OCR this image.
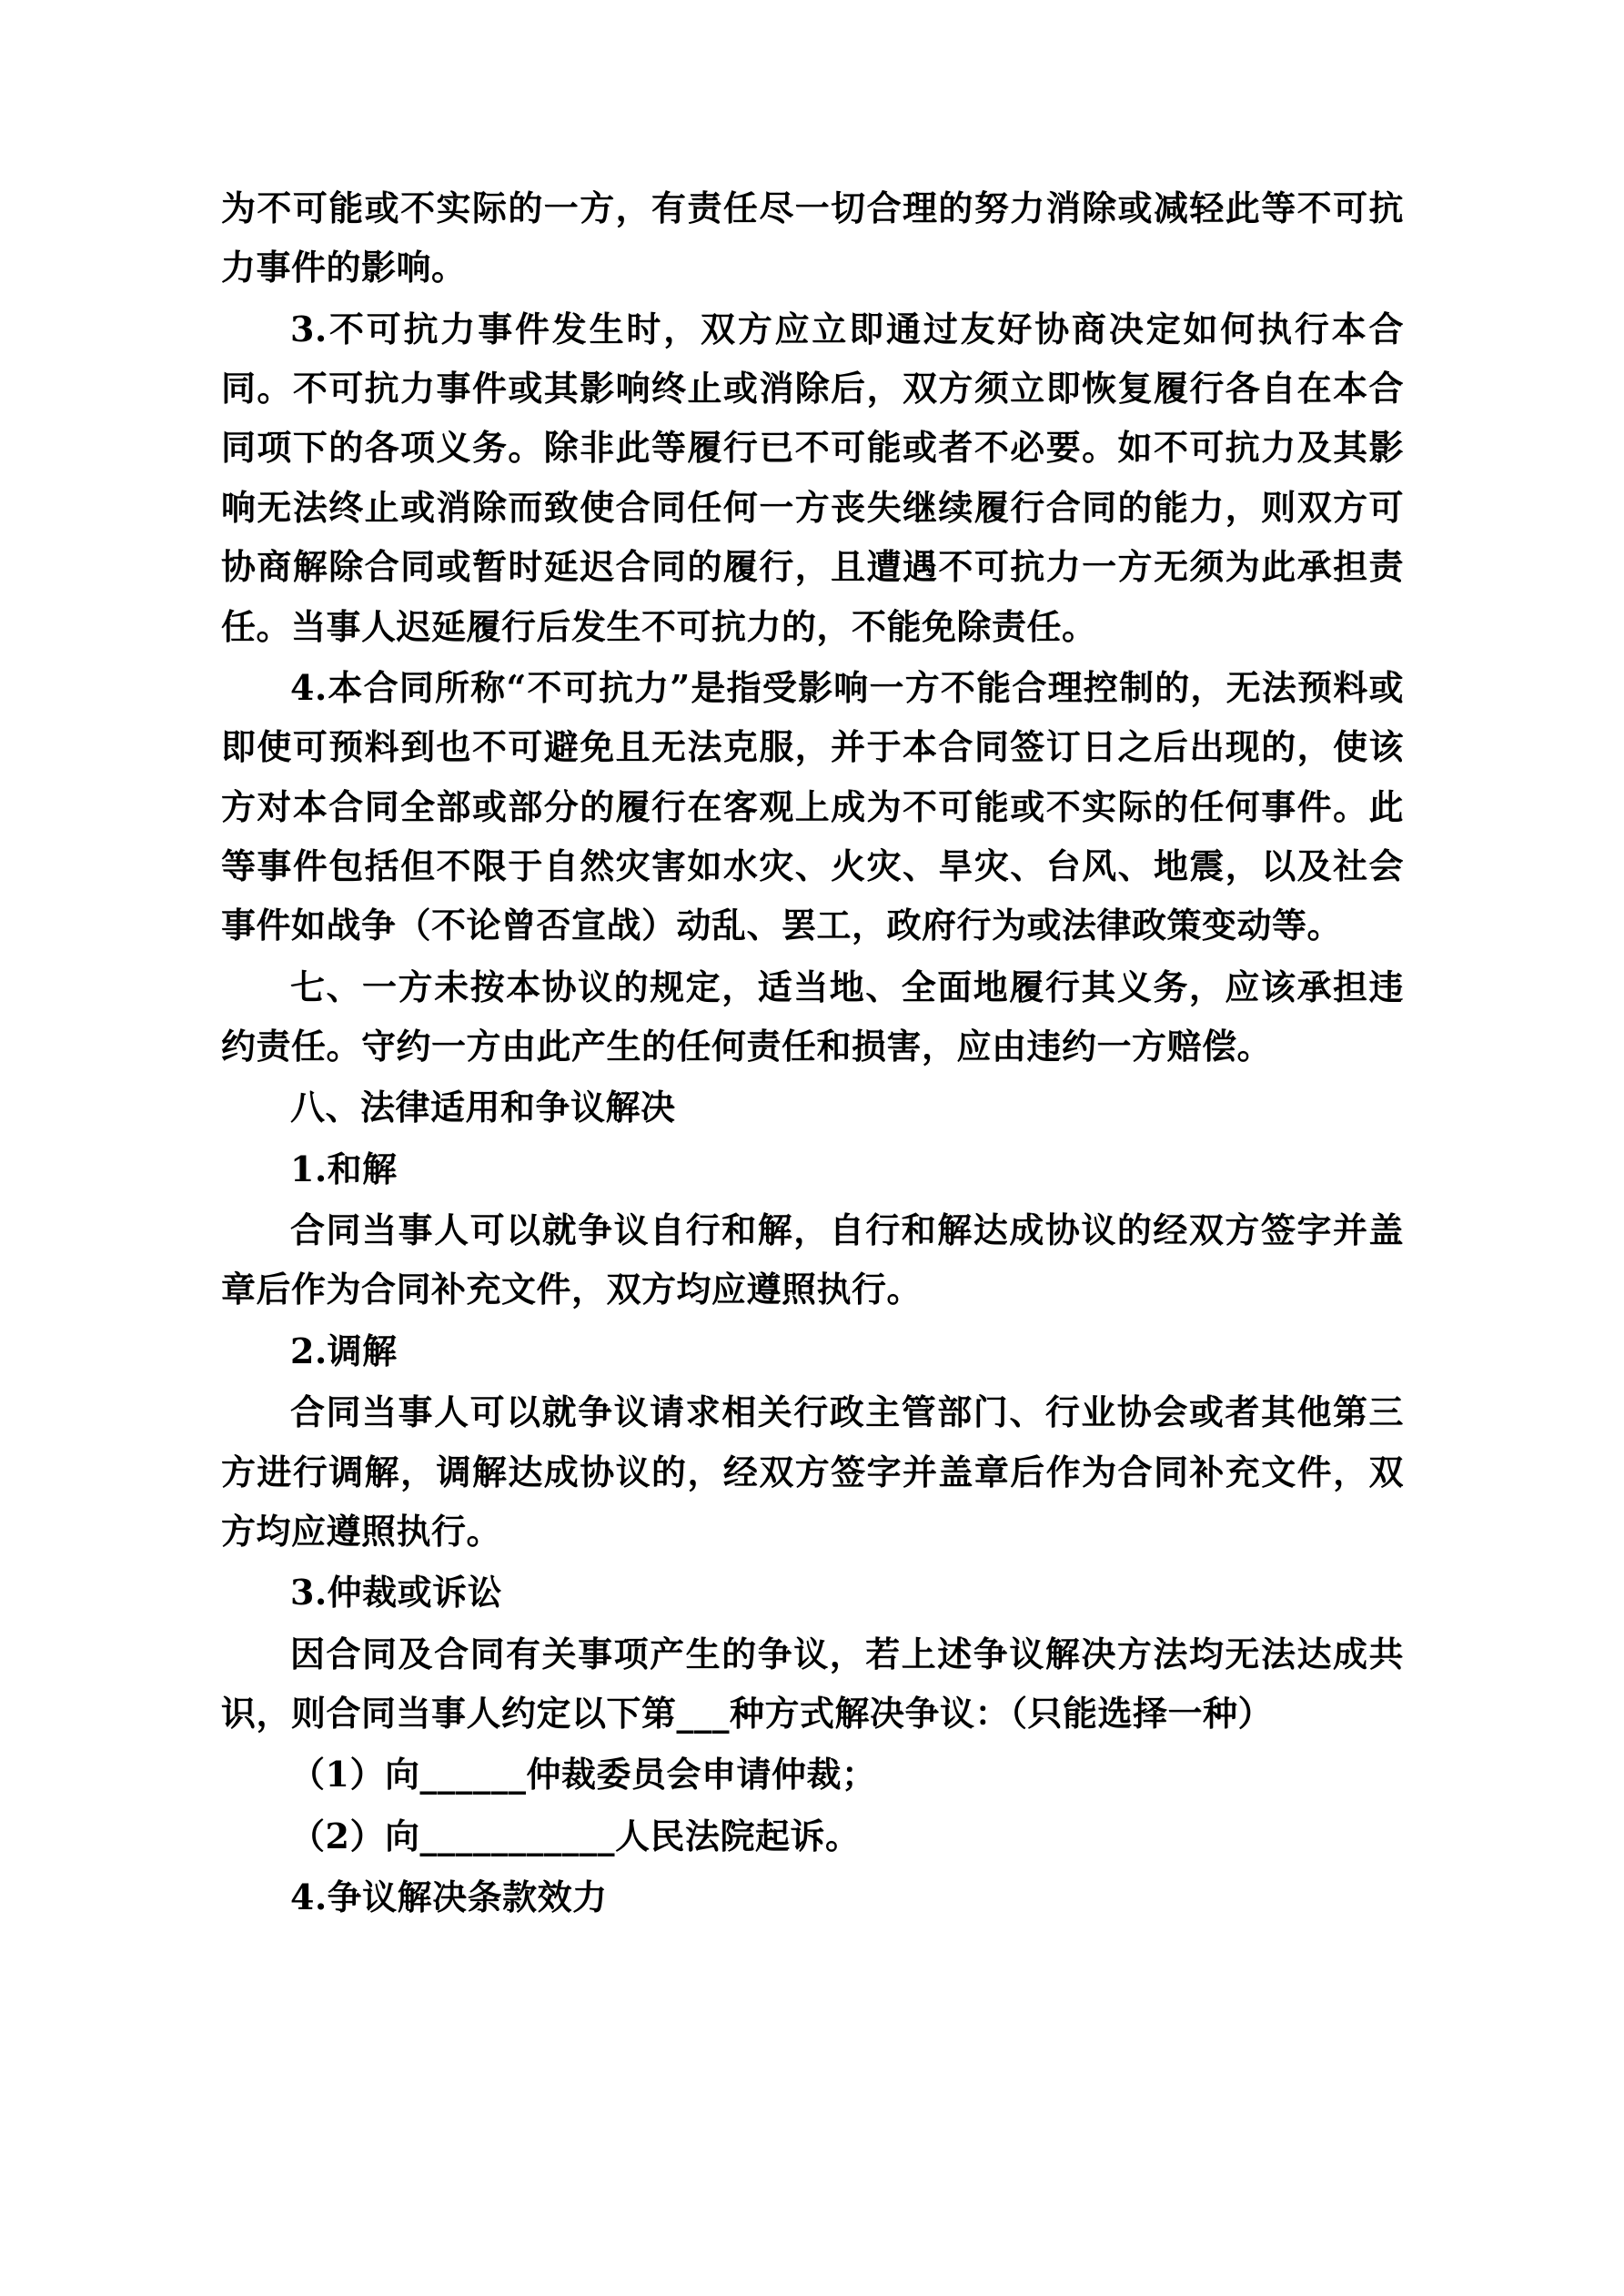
为不可能或不实际的一方，有责任尽一切合理的努力消除或减轻此等不可抗力事件的影响。

3.不可抗力事件发生时，双方应立即通过友好协商决定如何执行本合同。不可抗力事件或其影响终止或消除后，双方须立即恢复履行各自在本合同项下的各项义务。除非此等履行已不可能或者不必要。如不可抗力及其影响无法终止或消除而致使合同任何一方丧失继续履行合同的能力，则双方可协商解除合同或暂时延迟合同的履行，且遭遇不可抗力一方无须为此承担责任。当事人迟延履行后发生不可抗力的，不能免除责任。

4.本合同所称“不可抗力”是指受影响一方不能合理控制的，无法预料或即使可预料到也不可避免且无法克服，并于本合同签订日之后出现的，使该方对本合同全部或部分的履行在客观上成为不可能或不实际的任何事件。此等事件包括但不限于自然灾害如水灾、火灾、旱灾、台风、地震，以及社会事件如战争（不论曾否宣战）动乱、罢工，政府行为或法律政策变动等。

七、一方未按本协议的规定，适当地、全面地履行其义务，应该承担违约责任。守约一方由此产生的任何责任和损害，应由违约一方赔偿。

八、法律适用和争议解决

1.和解

合同当事人可以就争议自行和解，自行和解达成协议的经双方签字并盖章后作为合同补充文件，双方均应遵照执行。

2.调解

合同当事人可以就争议请求相关行政主管部门、行业协会或者其他第三方进行调解，调解达成协议的，经双方签字并盖章后作为合同补充文件，双方均应遵照执行。

3.仲裁或诉讼

因合同及合同有关事项产生的争议，若上述争议解决方法均无法达成共识，则合同当事人约定以下第___种方式解决争议：（只能选择一种）

（1）向______仲裁委员会申请仲裁；

（2）向___________人民法院起诉。

4.争议解决条款效力
